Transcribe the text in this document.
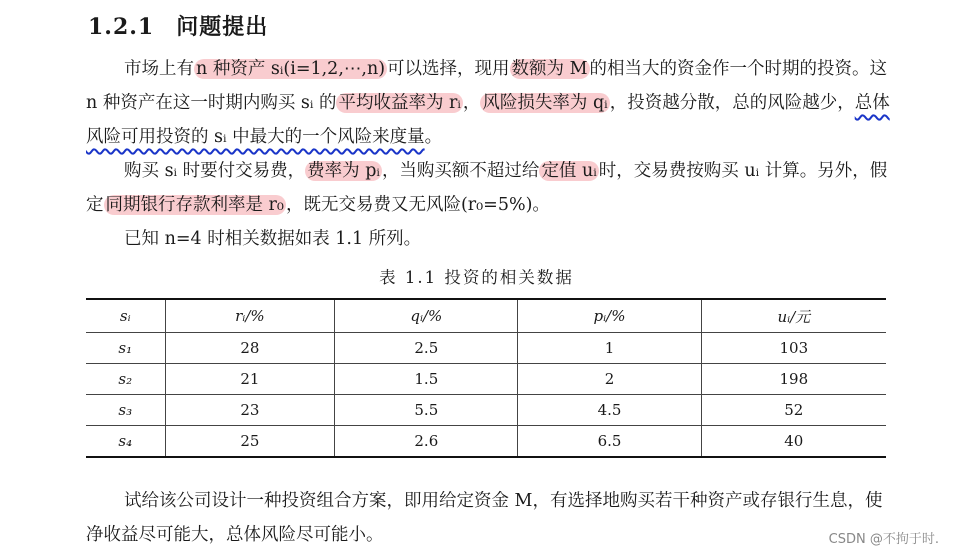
1.2.1 问题提出

市场上有 n 种资产 sᵢ(i=1,2,⋯,n) 可以选择，现用 数额为 M 的相当大的资金作一个时期的投资。这 n 种资产在这一时期内购买 sᵢ 的 平均收益率为 rᵢ ， 风险损失率为 qᵢ ，投资越分散，总的风险越少，总体风险可用投资的 sᵢ 中最大的一个风险来度量。

购买 sᵢ 时要付交易费， 费率为 pᵢ ，当购买额不超过给 定值 uᵢ 时，交易费按购买 uᵢ 计算。另外，假定 同期银行存款利率是 r₀ ，既无交易费又无风险(r₀=5%)。

已知 n=4 时相关数据如表 1.1 所列。

表 1.1 投资的相关数据
sᵢ	rᵢ/%	qᵢ/%	pᵢ/%	uᵢ/元
s₁	28	2.5	1	103
s₂	21	1.5	2	198
s₃	23	5.5	4.5	52
s₄	25	2.6	6.5	40

试给该公司设计一种投资组合方案，即用给定资金 M，有选择地购买若干种资产或存银行生息，使净收益尽可能大，总体风险尽可能小。	CSDN @不拘于时.
